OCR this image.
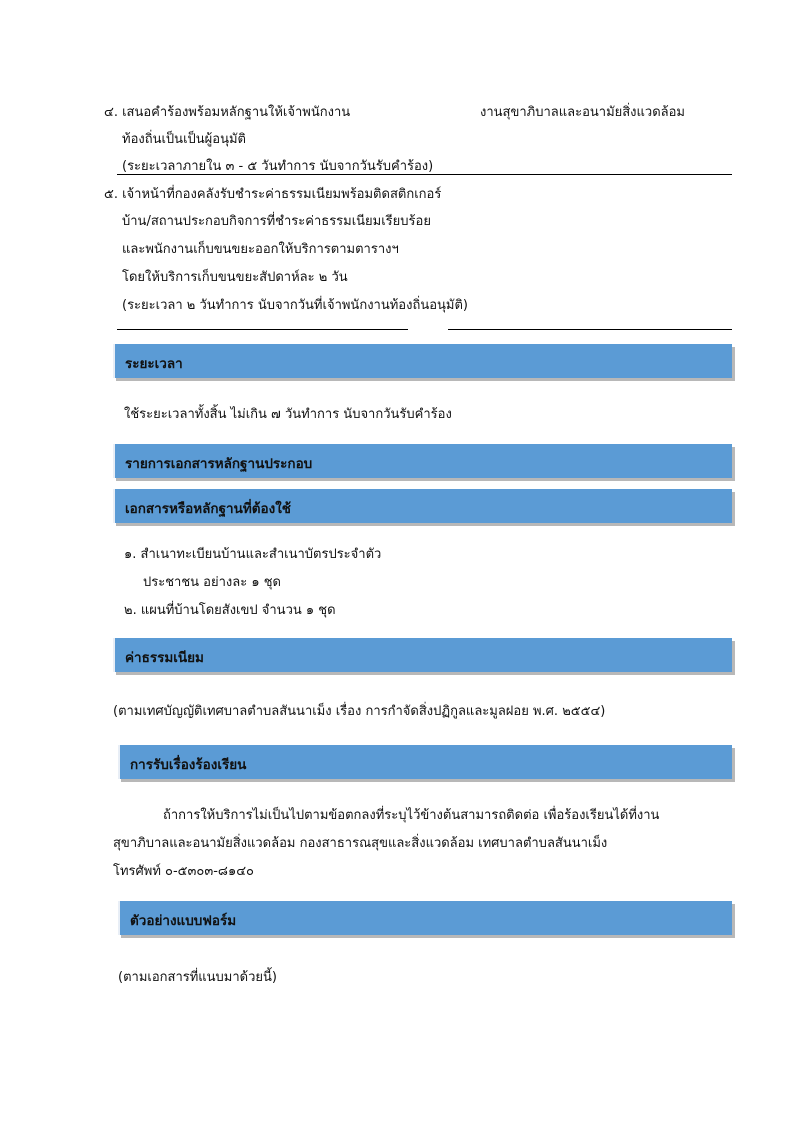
๔. เสนอคำร้องพร้อมหลักฐานให้เจ้าพนักงาน	งานสุขาภิบาลและอนามัยสิ่งแวดล้อม
ท้องถิ่นเป็นเป็นผู้อนุมัติ
(ระยะเวลาภายใน ๓ - ๕ วันทำการ นับจากวันรับคำร้อง)
๕. เจ้าหน้าที่กองคลังรับชำระค่าธรรมเนียมพร้อมติดสติกเกอร์
บ้าน/สถานประกอบกิจการที่ชำระค่าธรรมเนียมเรียบร้อย
และพนักงานเก็บขนขยะออกให้บริการตามตารางฯ
โดยให้บริการเก็บขนขยะสัปดาห์ละ ๒ วัน
(ระยะเวลา ๒ วันทำการ นับจากวันที่เจ้าพนักงานท้องถิ่นอนุมัติ)
ระยะเวลา
ใช้ระยะเวลาทั้งสิ้น ไม่เกิน ๗ วันทำการ นับจากวันรับคำร้อง
รายการเอกสารหลักฐานประกอบ
เอกสารหรือหลักฐานที่ต้องใช้
๑. สำเนาทะเบียนบ้านและสำเนาบัตรประจำตัว
ประชาชน อย่างละ ๑ ชุด
๒. แผนที่บ้านโดยสังเขป จำนวน ๑ ชุด
ค่าธรรมเนียม
(ตามเทศบัญญัติเทศบาลตำบลสันนาเม็ง เรื่อง การกำจัดสิ่งปฏิกูลและมูลฝอย พ.ศ. ๒๕๕๔)
การรับเรื่องร้องเรียน
ถ้าการให้บริการไม่เป็นไปตามข้อตกลงที่ระบุไว้ข้างต้นสามารถติดต่อ เพื่อร้องเรียนได้ที่งาน
สุขาภิบาลและอนามัยสิ่งแวดล้อม กองสาธารณสุขและสิ่งแวดล้อม เทศบาลตำบลสันนาเม็ง
โทรศัพท์ ๐-๕๓๐๓-๘๑๔๐
ตัวอย่างแบบฟอร์ม
(ตามเอกสารที่แนบมาด้วยนี้)
